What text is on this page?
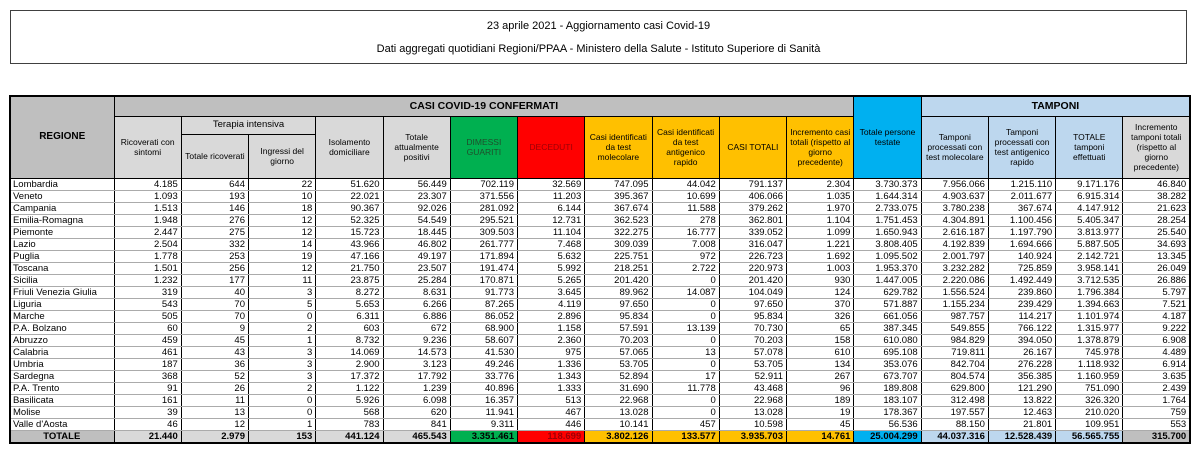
23 aprile 2021 - Aggiornamento casi Covid-19
Dati aggregati quotidiani Regioni/PPAA - Ministero della Salute - Istituto Superiore di Sanità
REGIONE	CASI COVID-19 CONFERMATI											Totale persone testate	TAMPONI			
	Ricoverati con sintomi	Terapia intensiva		Isolamento domiciliare	Totale attualmente positivi	DIMESSI GUARITI	DECEDUTI	Casi identificati da test molecolare	Casi identificati da test antigenico rapido	CASI TOTALI	Incremento casi totali (rispetto al giorno precedente)		Tamponi processati con test molecolare	Tamponi processati con test antigenico rapido	TOTALE tamponi effettuati	Incremento tamponi totali (rispetto al giorno precedente)
		Totale ricoverati	Ingressi del giorno													
Lombardia	4.185	644	22	51.620	56.449	702.119	32.569	747.095	44.042	791.137	2.304	3.730.373	7.956.066	1.215.110	9.171.176	46.840
Veneto	1.093	193	10	22.021	23.307	371.556	11.203	395.367	10.699	406.066	1.035	1.644.314	4.903.637	2.011.677	6.915.314	38.282
Campania	1.513	146	18	90.367	92.026	281.092	6.144	367.674	11.588	379.262	1.970	2.733.075	3.780.238	367.674	4.147.912	21.623
Emilia-Romagna	1.948	276	12	52.325	54.549	295.521	12.731	362.523	278	362.801	1.104	1.751.453	4.304.891	1.100.456	5.405.347	28.254
Piemonte	2.447	275	12	15.723	18.445	309.503	11.104	322.275	16.777	339.052	1.099	1.650.943	2.616.187	1.197.790	3.813.977	25.540
Lazio	2.504	332	14	43.966	46.802	261.777	7.468	309.039	7.008	316.047	1.221	3.808.405	4.192.839	1.694.666	5.887.505	34.693
Puglia	1.778	253	19	47.166	49.197	171.894	5.632	225.751	972	226.723	1.692	1.095.502	2.001.797	140.924	2.142.721	13.345
Toscana	1.501	256	12	21.750	23.507	191.474	5.992	218.251	2.722	220.973	1.003	1.953.370	3.232.282	725.859	3.958.141	26.049
Sicilia	1.232	177	11	23.875	25.284	170.871	5.265	201.420	0	201.420	930	1.447.005	2.220.086	1.492.449	3.712.535	26.886
Friuli Venezia Giulia	319	40	3	8.272	8.631	91.773	3.645	89.962	14.087	104.049	124	629.782	1.556.524	239.860	1.796.384	5.797
Liguria	543	70	5	5.653	6.266	87.265	4.119	97.650	0	97.650	370	571.887	1.155.234	239.429	1.394.663	7.521
Marche	505	70	0	6.311	6.886	86.052	2.896	95.834	0	95.834	326	661.056	987.757	114.217	1.101.974	4.187
P.A. Bolzano	60	9	2	603	672	68.900	1.158	57.591	13.139	70.730	65	387.345	549.855	766.122	1.315.977	9.222
Abruzzo	459	45	1	8.732	9.236	58.607	2.360	70.203	0	70.203	158	610.080	984.829	394.050	1.378.879	6.908
Calabria	461	43	3	14.069	14.573	41.530	975	57.065	13	57.078	610	695.108	719.811	26.167	745.978	4.489
Umbria	187	36	3	2.900	3.123	49.246	1.336	53.705	0	53.705	134	353.076	842.704	276.228	1.118.932	6.914
Sardegna	368	52	3	17.372	17.792	33.776	1.343	52.894	17	52.911	267	673.707	804.574	356.385	1.160.959	3.635
P.A. Trento	91	26	2	1.122	1.239	40.896	1.333	31.690	11.778	43.468	96	189.808	629.800	121.290	751.090	2.439
Basilicata	161	11	0	5.926	6.098	16.357	513	22.968	0	22.968	189	183.107	312.498	13.822	326.320	1.764
Molise	39	13	0	568	620	11.941	467	13.028	0	13.028	19	178.367	197.557	12.463	210.020	759
Valle d'Aosta	46	12	1	783	841	9.311	446	10.141	457	10.598	45	56.536	88.150	21.801	109.951	553
TOTALE	21.440	2.979	153	441.124	465.543	3.351.461	118.699	3.802.126	133.577	3.935.703	14.761	25.004.299	44.037.316	12.528.439	56.565.755	315.700
